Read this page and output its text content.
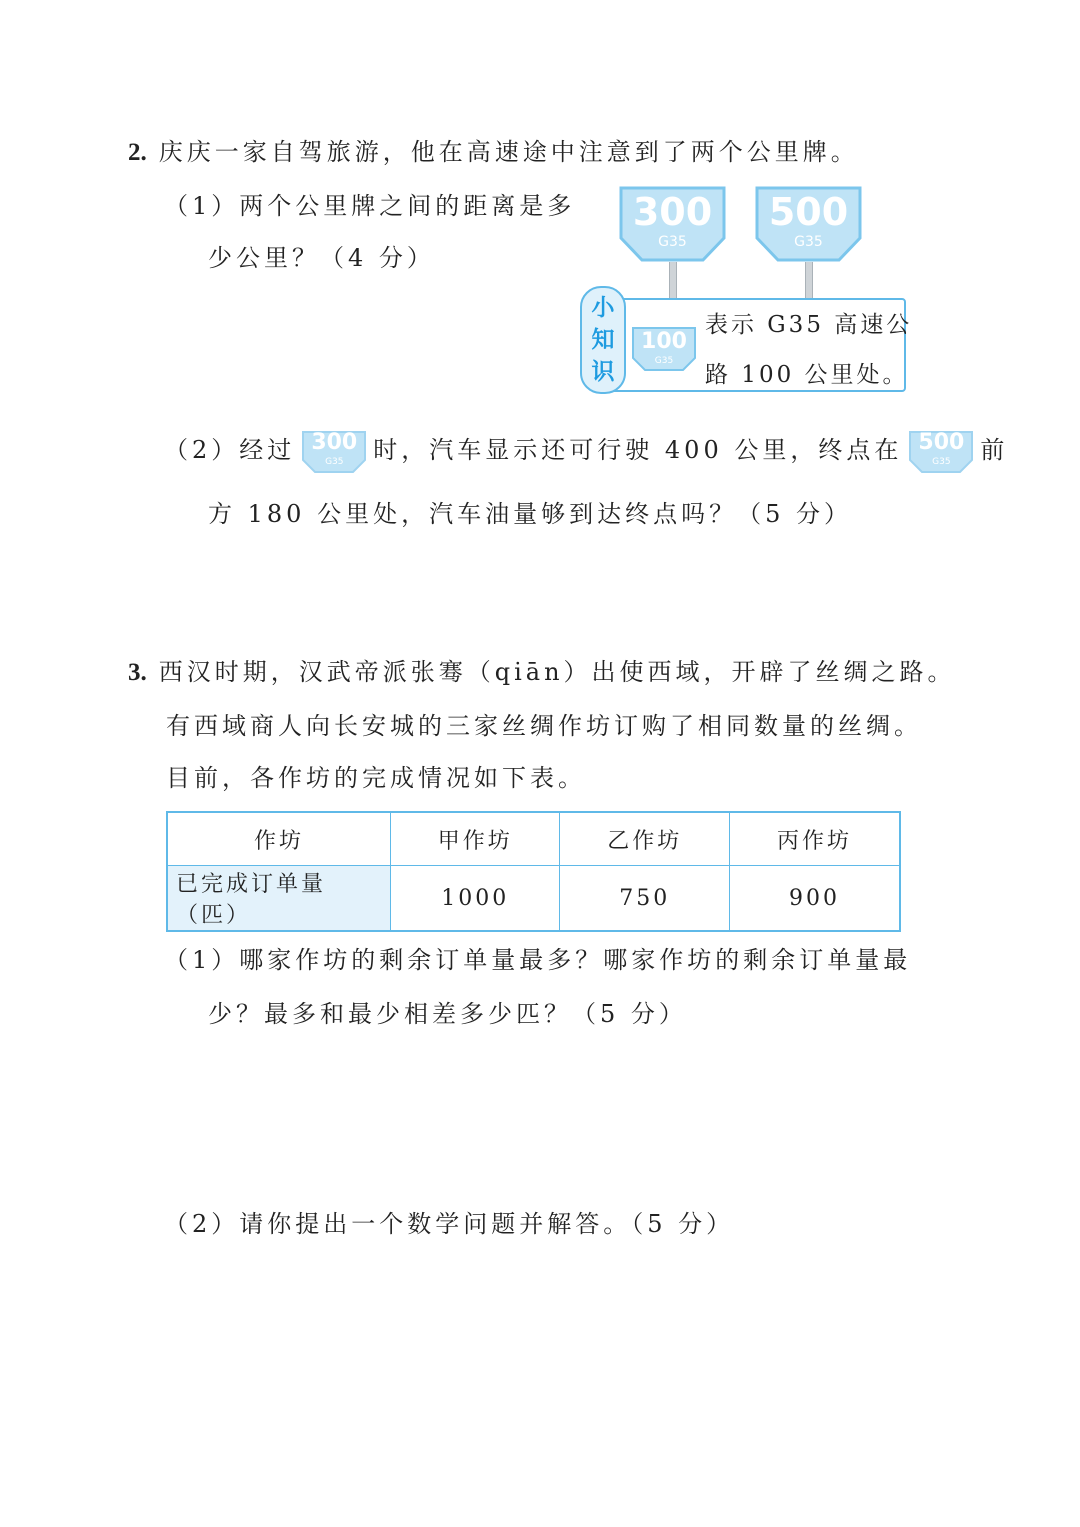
2. 庆庆一家自驾旅游，他在高速途中注意到了两个公里牌。
（1）两个公里牌之间的距离是多
少公里？（4 分）
300
G35
500
G35
小
知
识
100
G35
表示 G35 高速公
路 100 公里处。
（2）经过 300
G35	时，汽车显示还可行驶 400 公里，终点在 500
G35	前
方 180 公里处，汽车油量够到达终点吗？（5 分）
3. 西汉时期，汉武帝派张骞（qiān）出使西域，开辟了丝绸之路。
有西域商人向长安城的三家丝绸作坊订购了相同数量的丝绸。
目前，各作坊的完成情况如下表。
作坊	甲作坊	乙作坊	丙作坊
已完成订单量（匹）	1000	750	900
（1）哪家作坊的剩余订单量最多？哪家作坊的剩余订单量最
少？最多和最少相差多少匹？（5 分）
（2）请你提出一个数学问题并解答。（5 分）
